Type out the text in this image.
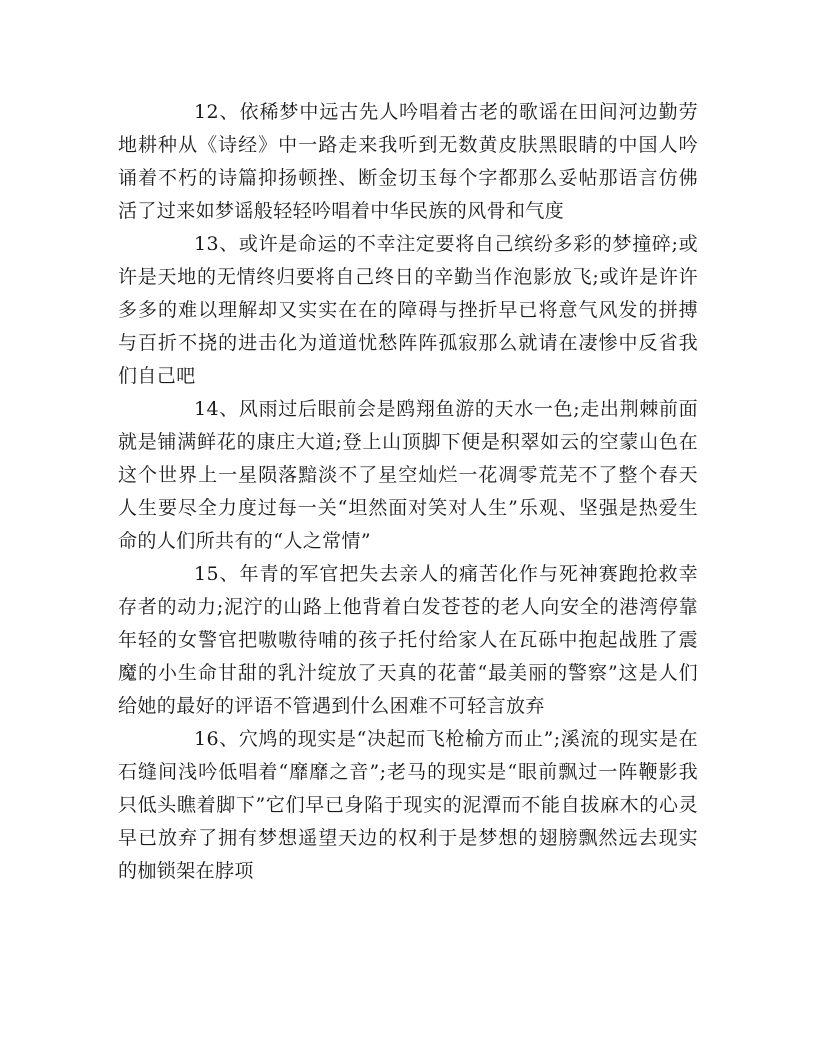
12、依稀梦中远古先人吟唱着古老的歌谣在田间河边勤劳地耕种从《诗经》中一路走来我听到无数黄皮肤黑眼睛的中国人吟诵着不朽的诗篇抑扬顿挫、断金切玉每个字都那么妥帖那语言仿佛活了过来如梦谣般轻轻吟唱着中华民族的风骨和气度

13、或许是命运的不幸注定要将自己缤纷多彩的梦撞碎;或许是天地的无情终归要将自己终日的辛勤当作泡影放飞;或许是许许多多的难以理解却又实实在在的障碍与挫折早已将意气风发的拼搏与百折不挠的进击化为道道忧愁阵阵孤寂那么就请在凄惨中反省我们自己吧

14、风雨过后眼前会是鸥翔鱼游的天水一色;走出荆棘前面就是铺满鲜花的康庄大道;登上山顶脚下便是积翠如云的空蒙山色在这个世界上一星陨落黯淡不了星空灿烂一花凋零荒芜不了整个春天人生要尽全力度过每一关“坦然面对笑对人生”乐观、坚强是热爱生命的人们所共有的“人之常情”

15、年青的军官把失去亲人的痛苦化作与死神赛跑抢救幸存者的动力;泥泞的山路上他背着白发苍苍的老人向安全的港湾停靠年轻的女警官把嗷嗷待哺的孩子托付给家人在瓦砾中抱起战胜了震魔的小生命甘甜的乳汁绽放了天真的花蕾“最美丽的警察”这是人们给她的最好的评语不管遇到什么困难不可轻言放弃

16、穴鸠的现实是“决起而飞枪榆方而止”;溪流的现实是在石缝间浅吟低唱着“靡靡之音”;老马的现实是“眼前飘过一阵鞭影我只低头瞧着脚下”它们早已身陷于现实的泥潭而不能自拔麻木的心灵早已放弃了拥有梦想遥望天边的权利于是梦想的翅膀飘然远去现实的枷锁架在脖项
